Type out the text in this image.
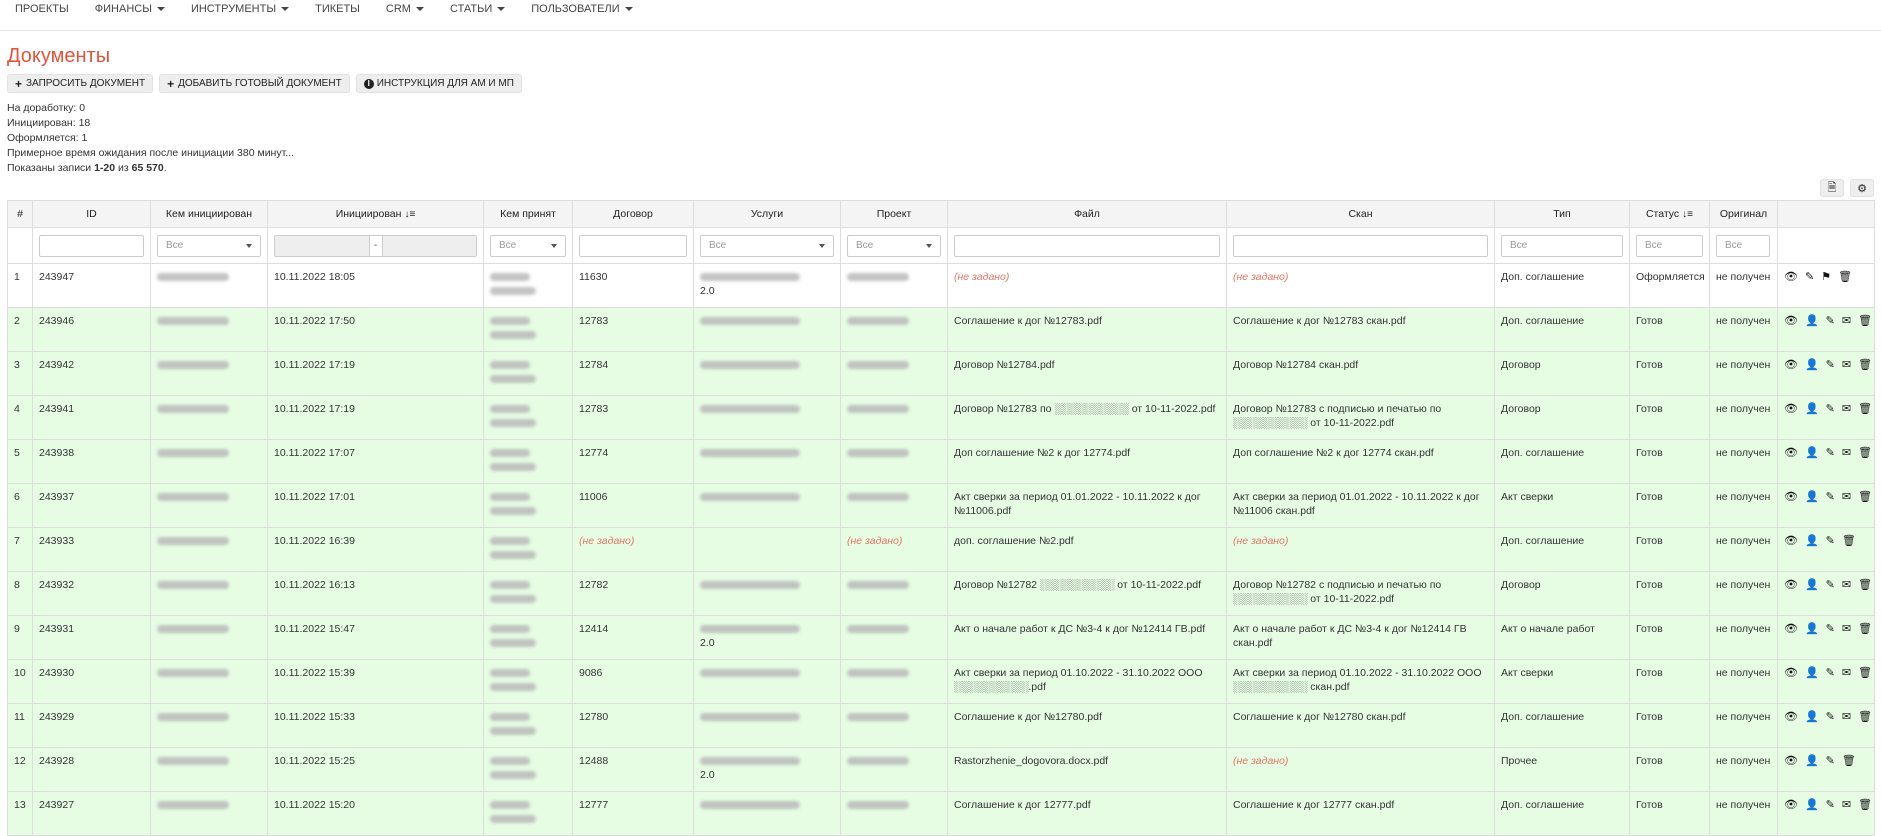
ПРОЕКТЫ	ФИНАНСЫ	ИНСТРУМЕНТЫ	ТИКЕТЫ	CRM	СТАТЬИ	ПОЛЬЗОВАТЕЛИ
Документы
+ ЗАПРОСИТЬ ДОКУМЕНТ + ДОБАВИТЬ ГОТОВЫЙ ДОКУМЕНТ	I ИНСТРУКЦИЯ ДЛЯ АМ И МП
На доработку: 0
Инициирован: 18
Оформляется: 1
Примерное время ожидания после инициации 380 минут...
Показаны записи 1-20 из 65 570.
🗎 ⚙
#	ID	Кем инициирован	Инициирован ↓≡	Кем принят	Договор	Услуги	Проект	Файл	Скан	Тип	Статус ↓≡	Оригинал	

		Все	-	Все		Все	Все			Все	Все	Все	

1	243947		10.11.2022 18:05		11630	2.0		(не задано)	(не задано)	Доп. соглашение	Оформляется	не получен	👁 ✎ ⚑ 🗑

2	243946		10.11.2022 17:50		12783			Соглашение к дог №12783.pdf	Соглашение к дог №12783 скан.pdf	Доп. соглашение	Готов	не получен	👁 👤 ✎ ✉ 🗑

3	243942		10.11.2022 17:19		12784			Договор №12784.pdf	Договор №12784 скан.pdf	Договор	Готов	не получен	👁 👤 ✎ ✉ 🗑

4	243941		10.11.2022 17:19		12783			Договор №12783 по ░░░░░░░░░░ от 10-11-2022.pdf	Договор №12783 с подписью и печатью по ░░░░░░░░░░ от 10-11-2022.pdf	Договор	Готов	не получен	👁 👤 ✎ ✉ 🗑

5	243938		10.11.2022 17:07		12774			Доп соглашение №2 к дог 12774.pdf	Доп соглашение №2 к дог 12774 скан.pdf	Доп. соглашение	Готов	не получен	👁 👤 ✎ ✉ 🗑

6	243937		10.11.2022 17:01		11006			Акт сверки за период 01.01.2022 - 10.11.2022 к дог №11006.pdf	Акт сверки за период 01.01.2022 - 10.11.2022 к дог №11006 скан.pdf	Акт сверки	Готов	не получен	👁 👤 ✎ ✉ 🗑

7	243933		10.11.2022 16:39		(не задано)		(не задано)	доп. соглашение №2.pdf	(не задано)	Доп. соглашение	Готов	не получен	👁 👤 ✎ 🗑

8	243932		10.11.2022 16:13		12782			Договор №12782 ░░░░░░░░░░ от 10-11-2022.pdf	Договор №12782 с подписью и печатью по ░░░░░░░░░░ от 10-11-2022.pdf	Договор	Готов	не получен	👁 👤 ✎ ✉ 🗑

9	243931		10.11.2022 15:47		12414	2.0		Акт о начале работ к ДС №3-4 к дог №12414 ГВ.pdf	Акт о начале работ к ДС №3-4 к дог №12414 ГВ скан.pdf	Акт о начале работ	Готов	не получен	👁 👤 ✎ ✉ 🗑

10	243930		10.11.2022 15:39		9086			Акт сверки за период 01.10.2022 - 31.10.2022 ООО ░░░░░░░░░░.pdf	Акт сверки за период 01.10.2022 - 31.10.2022 ООО ░░░░░░░░░░ скан.pdf	Акт сверки	Готов	не получен	👁 👤 ✎ ✉ 🗑

11	243929		10.11.2022 15:33		12780			Соглашение к дог №12780.pdf	Соглашение к дог №12780 скан.pdf	Доп. соглашение	Готов	не получен	👁 👤 ✎ ✉ 🗑

12	243928		10.11.2022 15:25		12488	2.0		Rastorzhenie_dogovora.docx.pdf	(не задано)	Прочее	Готов	не получен	👁 👤 ✎ 🗑

13	243927		10.11.2022 15:20		12777			Соглашение к дог 12777.pdf	Соглашение к дог 12777 скан.pdf	Доп. соглашение	Готов	не получен	👁 👤 ✎ ✉ 🗑
